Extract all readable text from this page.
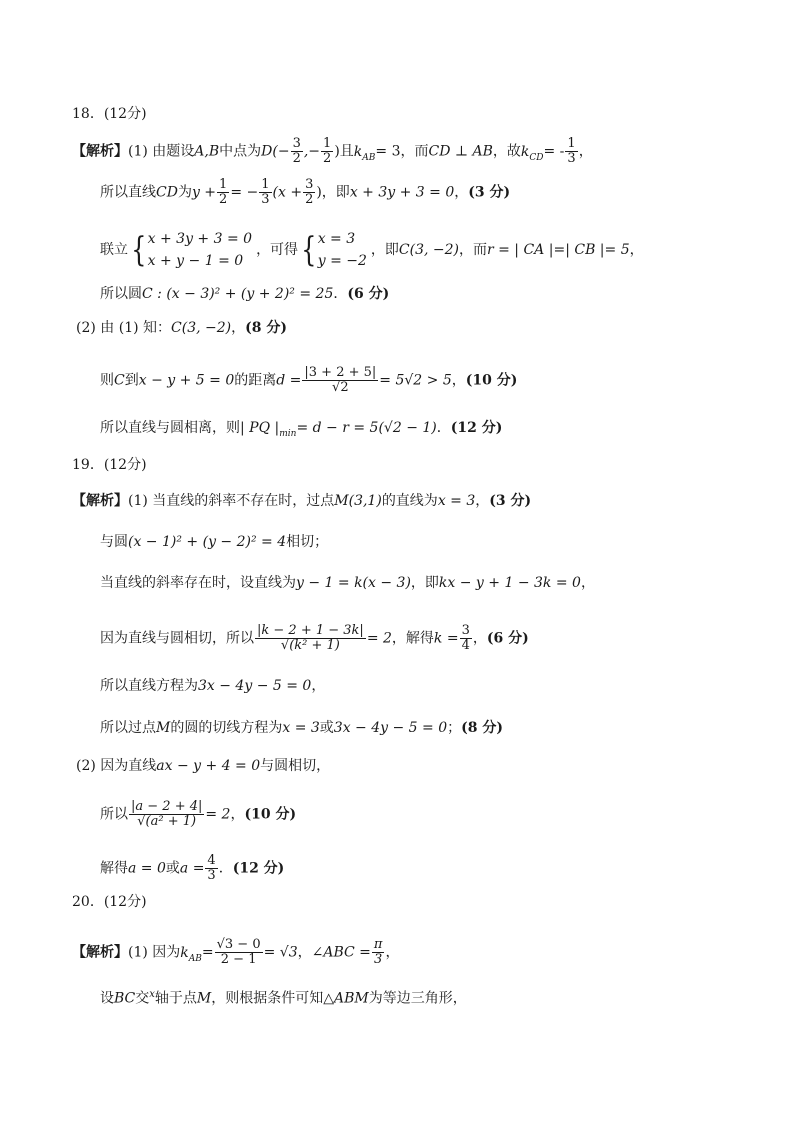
18．(12分)
【解析】(1) 由题设A,B中点为$D(- \frac{3}{2}$ ,− $\frac{1}{2}$ )且$k_{AB}= 3$，而CD ⊥ AB，故$k_{CD}= - \frac{1}{3}$ ，
所以直线CD为$y + \frac{1}{2}$ = − $\frac{1}{3} (x + \frac{3}{2}$ )，即x + 3y + 3 = 0，(3 分)
联立{ x + 3y + 3 = 0
x + y − 1 = 0
，可得{ x = 3
y = −2
，即C(3, −2)，而r = | CA |=| CB |= 5，
所以圆C : (x − 3)² + (y + 2)² = 25．(6 分)
(2) 由 (1) 知：C(3, −2)，(8 分)
则C到x − y + 5 = 0的距离$d = \frac{|3 + 2 + 5|}{√2} = 5√2 > 5$，(10 分)
所以直线与圆相离，则| PQ $|_{min}= d - r = 5(√2 - 1)$．(12 分)
19．(12分)
【解析】(1) 当直线的斜率不存在时，过点M(3,1)的直线为x = 3，(3 分)
与圆(x − 1)² + (y − 2)² = 4相切；
当直线的斜率存在时，设直线为y − 1 = k(x − 3)，即kx − y + 1 − 3k = 0，
因为直线与圆相切，所以 $\frac{|k - 2 + 1 - 3k|}{\text{√(k² + 1)}} = 2$，解得$k = \frac{3}{4}$ ，(6 分)
所以直线方程为3x − 4y − 5 = 0，
所以过点M的圆的切线方程为x = 3或3x − 4y − 5 = 0；(8 分)
(2) 因为直线ax − y + 4 = 0与圆相切，
所以 $\frac{|a - 2 + 4|}{\text{√(a² + 1)}} = 2$，(10 分)
解得a = 0或$a = \frac{4}{3}$ ．(12 分)
20．(12分)
【解析】(1) 因为$k_{AB}= \frac{√3 - 0}{2 - 1} = √3$，∠ABC = $\frac{\pi}{3}$ ，
设BC交$^x$轴于点M，则根据条件可知△ABM为等边三角形，
